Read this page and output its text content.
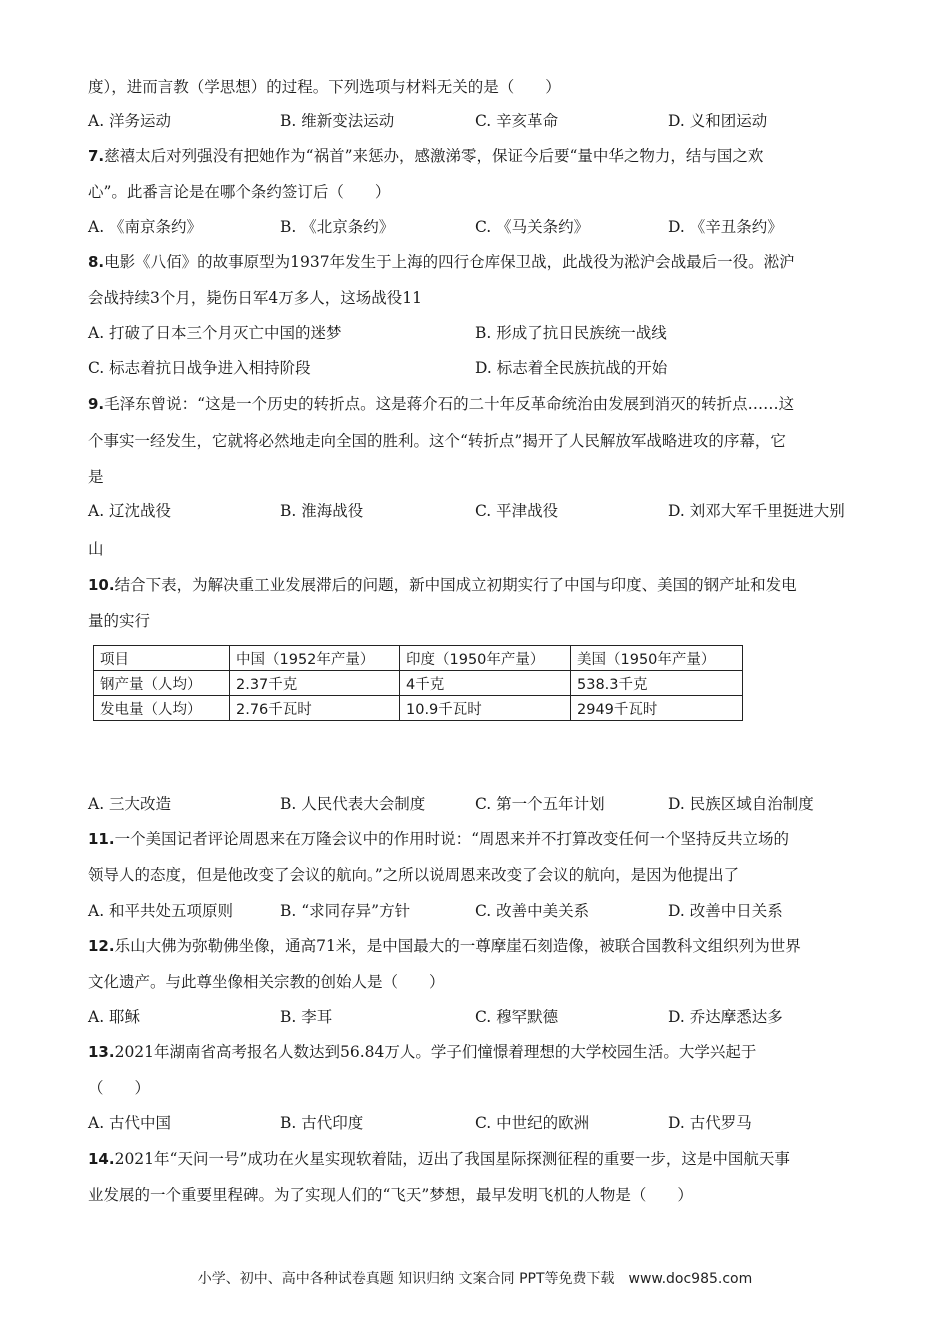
度），进而言教（学思想）的过程。下列选项与材料无关的是（　　）
A. 洋务运动	B. 维新变法运动	C. 辛亥革命	D. 义和团运动
7.慈禧太后对列强没有把她作为“祸首”来惩办，感激涕零，保证今后要“量中华之物力，结与国之欢
心”。此番言论是在哪个条约签订后（　　）
A. 《南京条约》	B. 《北京条约》	C. 《马关条约》	D. 《辛丑条约》
8.电影《八佰》的故事原型为1937年发生于上海的四行仓库保卫战，此战役为淞沪会战最后一役。淞沪
会战持续3个月，毙伤日军4万多人，这场战役11
A. 打破了日本三个月灭亡中国的迷梦	B. 形成了抗日民族统一战线
C. 标志着抗日战争进入相持阶段	D. 标志着全民族抗战的开始
9.毛泽东曾说：“这是一个历史的转折点。这是蒋介石的二十年反革命统治由发展到消灭的转折点……这
个事实一经发生，它就将必然地走向全国的胜利。这个“转折点”揭开了人民解放军战略进攻的序幕，它
是
A. 辽沈战役	B. 淮海战役	C. 平津战役	D. 刘邓大军千里挺进大别
山
10.结合下表，为解决重工业发展滞后的问题，新中国成立初期实行了中国与印度、美国的钢产址和发电
量的实行
项目	中国（1952年产量）	印度（1950年产量）	美国（1950年产量）
钢产量（人均）	2.37千克	4千克	538.3千克
发电量（人均）	2.76千瓦时	10.9千瓦时	2949千瓦时
A. 三大改造	B. 人民代表大会制度	C. 第一个五年计划	D. 民族区域自治制度
11.一个美国记者评论周恩来在万隆会议中的作用时说：“周恩来并不打算改变任何一个坚持反共立场的
领导人的态度，但是他改变了会议的航向。”之所以说周恩来改变了会议的航向，是因为他提出了
A. 和平共处五项原则	B. “求同存异”方针	C. 改善中美关系	D. 改善中日关系
12.乐山大佛为弥勒佛坐像，通高71米，是中国最大的一尊摩崖石刻造像，被联合国教科文组织列为世界
文化遗产。与此尊坐像相关宗教的创始人是（　　）
A. 耶稣	B. 李耳	C. 穆罕默德	D. 乔达摩悉达多
13.2021年湖南省高考报名人数达到56.84万人。学子们憧憬着理想的大学校园生活。大学兴起于
（　　）
A. 古代中国	B. 古代印度	C. 中世纪的欧洲	D. 古代罗马
14.2021年“天问一号”成功在火星实现软着陆，迈出了我国星际探测征程的重要一步，这是中国航天事
业发展的一个重要里程碑。为了实现人们的“飞天”梦想，最早发明飞机的人物是（　　）
小学、初中、高中各种试卷真题 知识归纳 文案合同 PPT等免费下载　www.doc985.com
